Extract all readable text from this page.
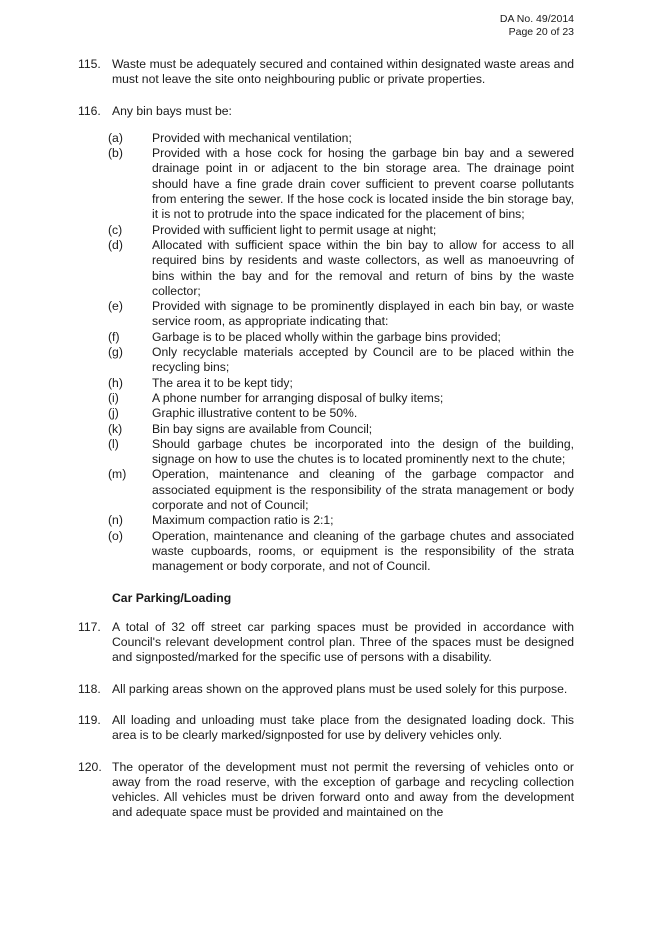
DA No. 49/2014
Page 20 of 23
115. Waste must be adequately secured and contained within designated waste areas and must not leave the site onto neighbouring public or private properties.
116. Any bin bays must be:
(a)	Provided with mechanical ventilation;
(b)	Provided with a hose cock for hosing the garbage bin bay and a sewered drainage point in or adjacent to the bin storage area. The drainage point should have a fine grade drain cover sufficient to prevent coarse pollutants from entering the sewer. If the hose cock is located inside the bin storage bay, it is not to protrude into the space indicated for the placement of bins;
(c)	Provided with sufficient light to permit usage at night;
(d)	Allocated with sufficient space within the bin bay to allow for access to all required bins by residents and waste collectors, as well as manoeuvring of bins within the bay and for the removal and return of bins by the waste collector;
(e)	Provided with signage to be prominently displayed in each bin bay, or waste service room, as appropriate indicating that:
(f)	Garbage is to be placed wholly within the garbage bins provided;
(g)	Only recyclable materials accepted by Council are to be placed within the recycling bins;
(h)	The area it to be kept tidy;
(i)	A phone number for arranging disposal of bulky items;
(j)	Graphic illustrative content to be 50%.
(k)	Bin bay signs are available from Council;
(l)	Should garbage chutes be incorporated into the design of the building, signage on how to use the chutes is to located prominently next to the chute;
(m)	Operation, maintenance and cleaning of the garbage compactor and associated equipment is the responsibility of the strata management or body corporate and not of Council;
(n)	Maximum compaction ratio is 2:1;
(o)	Operation, maintenance and cleaning of the garbage chutes and associated waste cupboards, rooms, or equipment is the responsibility of the strata management or body corporate, and not of Council.
Car Parking/Loading
117. A total of 32 off street car parking spaces must be provided in accordance with Council's relevant development control plan. Three of the spaces must be designed and signposted/marked for the specific use of persons with a disability.
118. All parking areas shown on the approved plans must be used solely for this purpose.
119. All loading and unloading must take place from the designated loading dock. This area is to be clearly marked/signposted for use by delivery vehicles only.
120. The operator of the development must not permit the reversing of vehicles onto or away from the road reserve, with the exception of garbage and recycling collection vehicles. All vehicles must be driven forward onto and away from the development and adequate space must be provided and maintained on the
